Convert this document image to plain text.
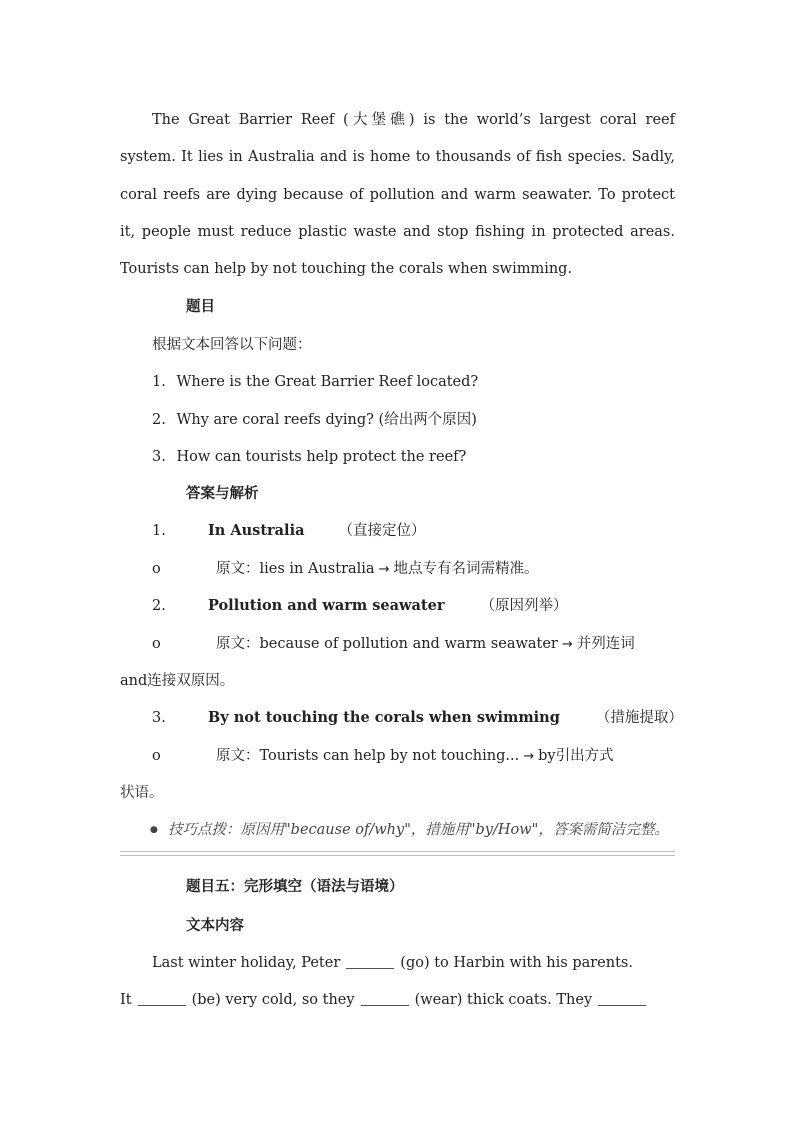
The Great Barrier Reef (大堡礁) is the world’s largest coral reef system. It lies in Australia and is home to thousands of fish species. Sadly, coral reefs are dying because of pollution and warm seawater. To protect it, people must reduce plastic waste and stop fishing in protected areas. Tourists can help by not touching the corals when swimming.
题目
根据文本回答以下问题：
1. Where is the Great Barrier Reef located?
2. Why are coral reefs dying? (给出两个原因)
3. How can tourists help protect the reef?
答案与解析
1.	In Australia （直接定位）
o	原文：lies in Australia → 地点专有名词需精准。
2.	Pollution and warm seawater （原因列举）
o	原文：because of pollution and warm seawater → 并列连词
and连接双原因。
3.	By not touching the corals when swimming （措施提取）
o	原文：Tourists can help by not touching... → by引出方式
状语。
● 技巧点拨：原因用"because of/why"，措施用"by/How"，答案需简洁完整。
题目五：完形填空（语法与语境）
文本内容
Last winter holiday, Peter	(go) to Harbin with his parents.
It	(be) very cold, so they	(wear) thick coats. They
